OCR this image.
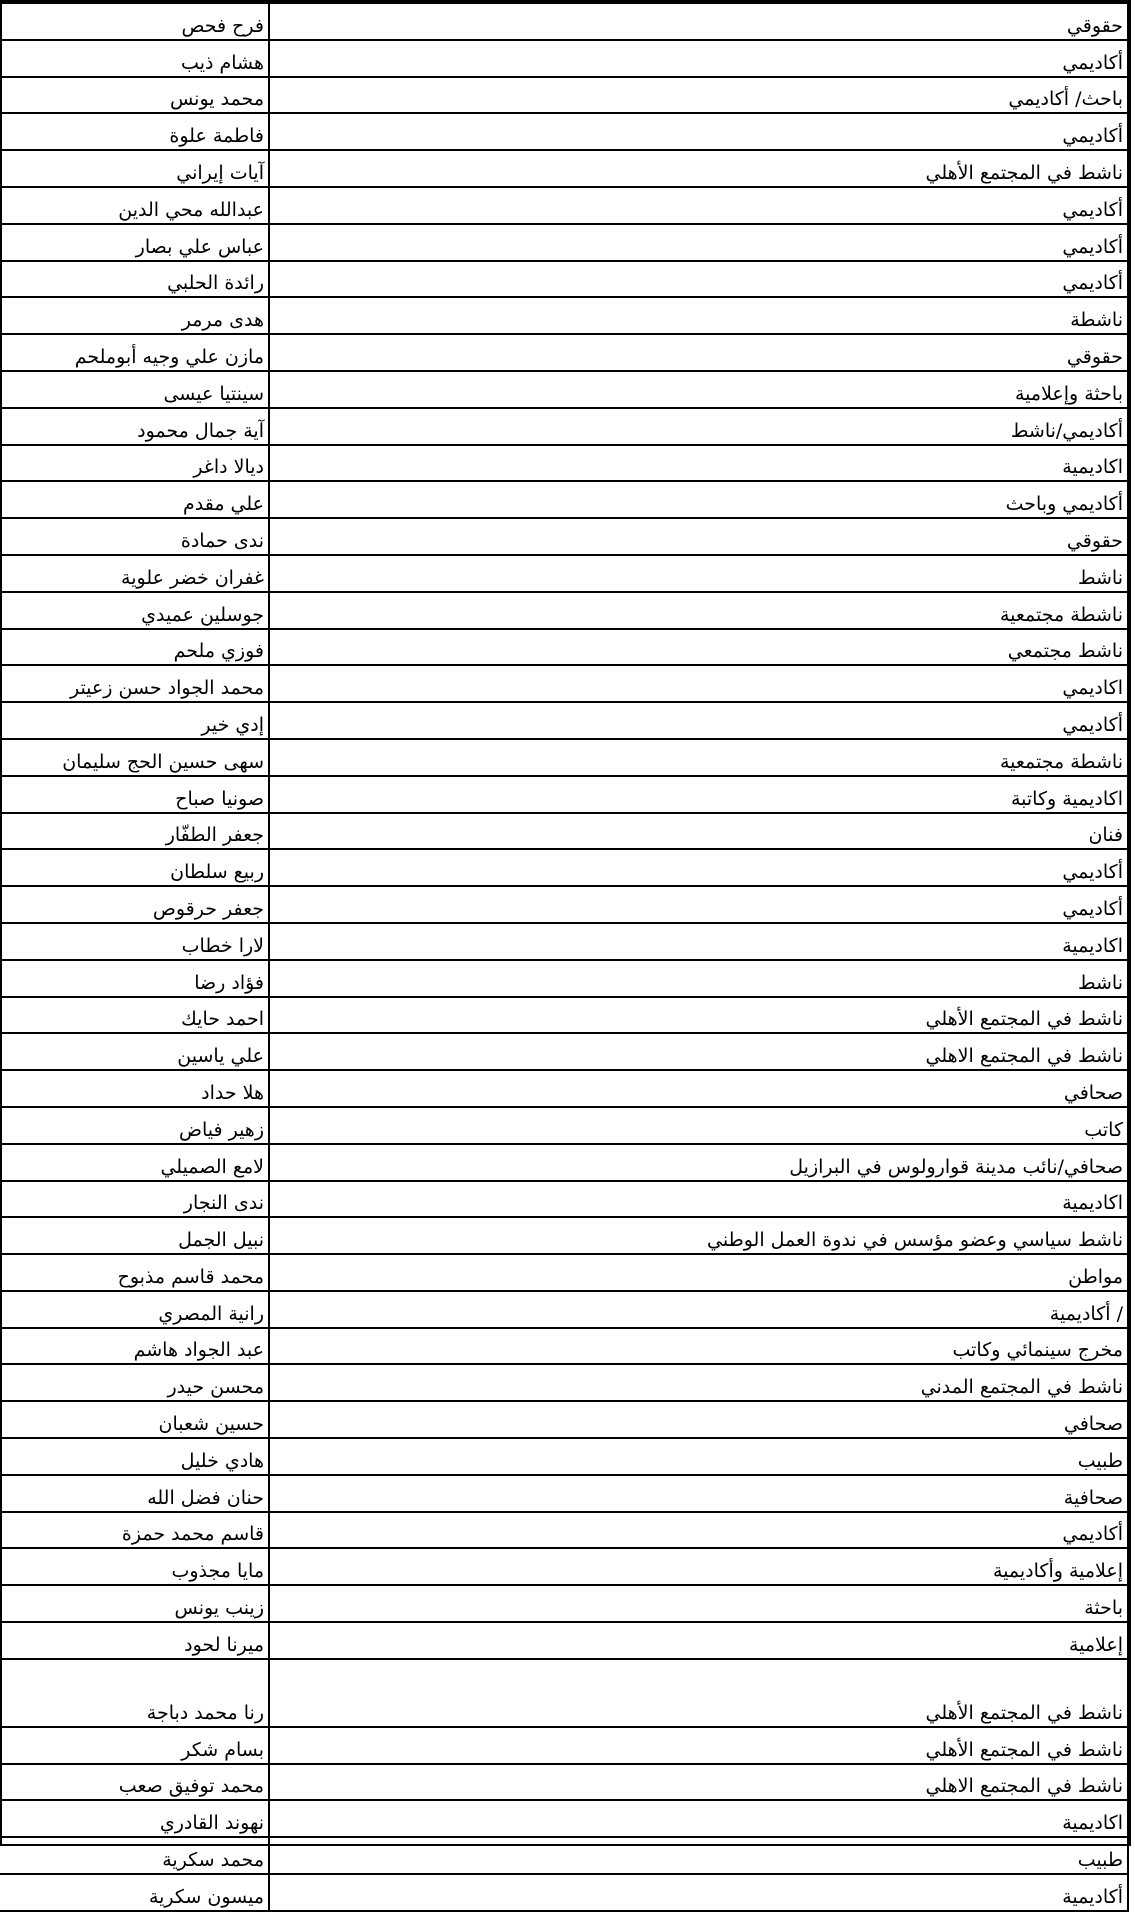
حقوقي	فرح فحص
أكاديمي	هشام ذيب
باحث/ أكاديمي	محمد يونس
أكاديمي	فاطمة علوة
ناشط في المجتمع الأهلي	آيات إيراني
أكاديمي	عبدالله محي الدين
أكاديمي	عباس علي بصار
أكاديمي	رائدة الحلبي
ناشطة	هدى مرمر
حقوقي	مازن علي وجيه أبوملحم
باحثة وإعلامية	سينتيا عيسى
أكاديمي/ناشط	آية جمال محمود
اكاديمية	ديالا داغر
أكاديمي وباحث	علي مقدم
حقوقي	ندى حمادة
ناشط	غفران خضر علوية
ناشطة مجتمعية	جوسلين عميدي
ناشط مجتمعي	فوزي ملحم
اكاديمي	محمد الجواد حسن زعيتر
أكاديمي	إدي خير
ناشطة مجتمعية	سهى حسين الحج سليمان
اكاديمية وكاتبة	صونيا صباح
فنان	جعفر الطفّار
أكاديمي	ربيع سلطان
أكاديمي	جعفر حرقوص
اكاديمية	لارا خطاب
ناشط	فؤاد رضا
ناشط في المجتمع الأهلي	احمد حايك
ناشط في المجتمع الاهلي	علي ياسين
صحافي	هلا حداد
كاتب	زهير فياض
صحافي/نائب مدينة قوارولوس في البرازيل	لامع الصميلي
اكاديمية	ندى النجار
ناشط سياسي وعضو مؤسس في ندوة العمل الوطني	نبيل الجمل
مواطن	محمد قاسم مذبوح
/ أكاديمية	رانية المصري
مخرج سينمائي وكاتب	عبد الجواد هاشم
ناشط في المجتمع المدني	محسن حيدر
صحافي	حسين شعبان
طبيب	هادي خليل
صحافية	حنان فضل الله
أكاديمي	قاسم محمد حمزة
إعلامية وأكاديمية	مايا مجذوب
باحثة	زينب يونس
إعلامية	ميرنا لحود
ناشط في المجتمع الأهلي	رنا محمد دباجة
ناشط في المجتمع الأهلي	بسام شكر
ناشط في المجتمع الاهلي	محمد توفيق صعب
اكاديمية	نهوند القادري
طبيب	محمد سكرية
أكاديمية	ميسون سكرية
